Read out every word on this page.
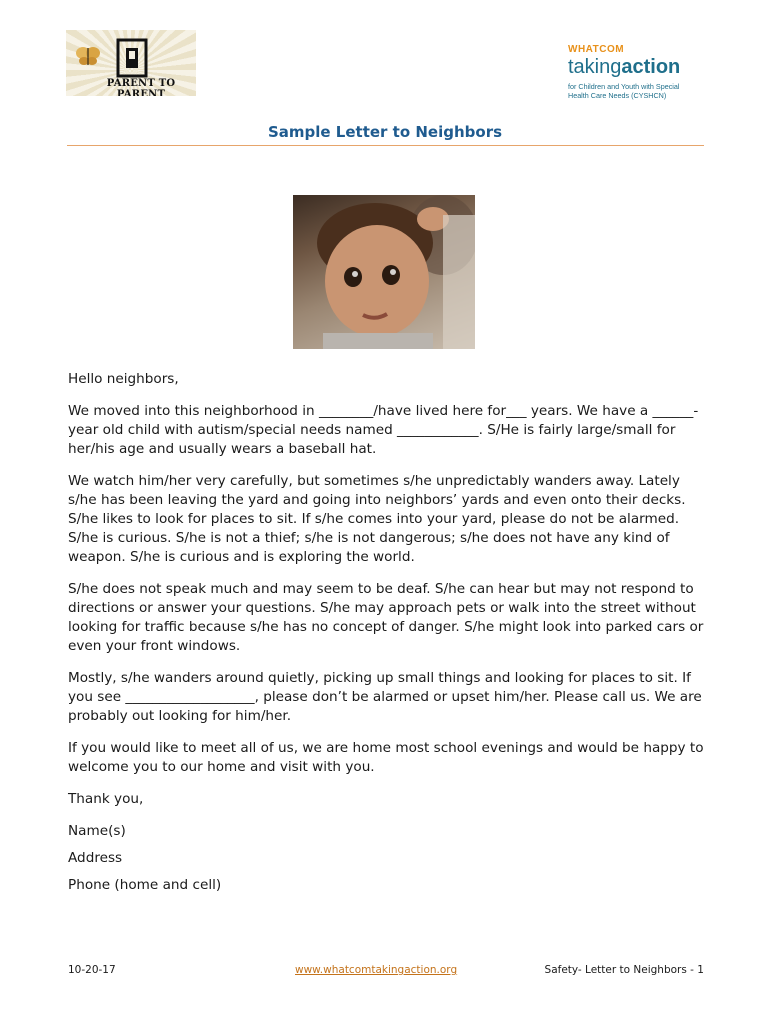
PARENT TO PARENT
WHATCOM
takingaction
for Children and Youth with Special
Health Care Needs (CYSHCN)
Sample Letter to Neighbors

Hello neighbors,

We moved into this neighborhood in ________/have lived here for___ years. We have a ______-year old child with autism/special needs named ____________. S/He is fairly large/small for her/his age and usually wears a baseball hat.

We watch him/her very carefully, but sometimes s/he unpredictably wanders away. Lately s/he has been leaving the yard and going into neighbors’ yards and even onto their decks. S/he likes to look for places to sit. If s/he comes into your yard, please do not be alarmed. S/he is curious. S/he is not a thief; s/he is not dangerous; s/he does not have any kind of weapon. S/he is curious and is exploring the world.

S/he does not speak much and may seem to be deaf. S/he can hear but may not respond to directions or answer your questions. S/he may approach pets or walk into the street without looking for traffic because s/he has no concept of danger. S/he might look into parked cars or even your front windows.

Mostly, s/he wanders around quietly, picking up small things and looking for places to sit. If you see ___________________, please don’t be alarmed or upset him/her. Please call us. We are probably out looking for him/her.

If you would like to meet all of us, we are home most school evenings and would be happy to welcome you to our home and visit with you.

Thank you,

Name(s)

Address

Phone (home and cell)

10-20-17	www.whatcomtakingaction.org	Safety- Letter to Neighbors - 1
